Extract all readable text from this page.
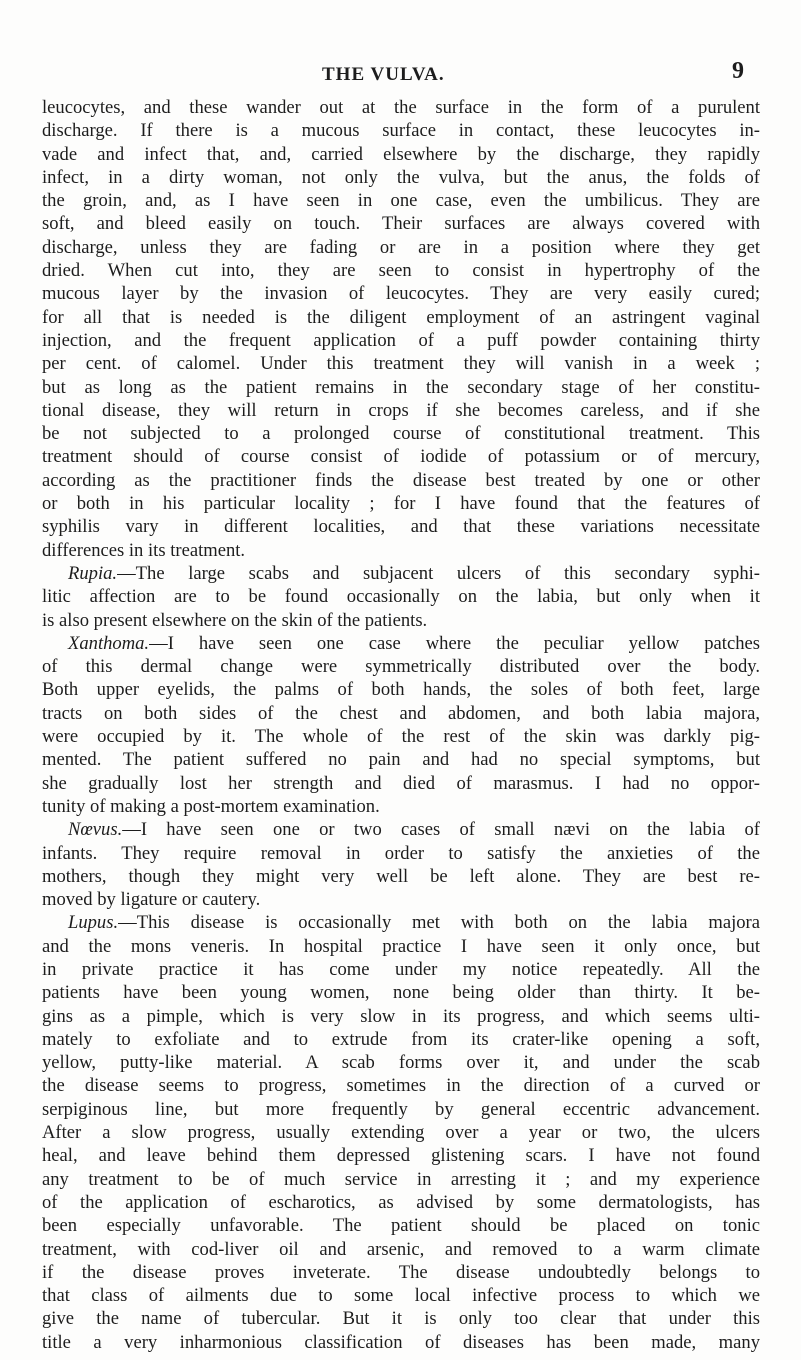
THE VULVA.	9

leucocytes, and these wander out at the surface in the form of a purulent
discharge. If there is a mucous surface in contact, these leucocytes in-
vade and infect that, and, carried elsewhere by the discharge, they rapidly
infect, in a dirty woman, not only the vulva, but the anus, the folds of
the groin, and, as I have seen in one case, even the umbilicus. They are
soft, and bleed easily on touch. Their surfaces are always covered with
discharge, unless they are fading or are in a position where they get
dried. When cut into, they are seen to consist in hypertrophy of the
mucous layer by the invasion of leucocytes. They are very easily cured;
for all that is needed is the diligent employment of an astringent vaginal
injection, and the frequent application of a puff powder containing thirty
per cent. of calomel. Under this treatment they will vanish in a week ;
but as long as the patient remains in the secondary stage of her constitu-
tional disease, they will return in crops if she becomes careless, and if she
be not subjected to a prolonged course of constitutional treatment. This
treatment should of course consist of iodide of potassium or of mercury,
according as the practitioner finds the disease best treated by one or other
or both in his particular locality ; for I have found that the features of
syphilis vary in different localities, and that these variations necessitate
differences in its treatment.

Rupia.—The large scabs and subjacent ulcers of this secondary syphi-
litic affection are to be found occasionally on the labia, but only when it
is also present elsewhere on the skin of the patients.

Xanthoma.—I have seen one case where the peculiar yellow patches
of this dermal change were symmetrically distributed over the body.
Both upper eyelids, the palms of both hands, the soles of both feet, large
tracts on both sides of the chest and abdomen, and both labia majora,
were occupied by it. The whole of the rest of the skin was darkly pig-
mented. The patient suffered no pain and had no special symptoms, but
she gradually lost her strength and died of marasmus. I had no oppor-
tunity of making a post-mortem examination.

Nœvus.—I have seen one or two cases of small nævi on the labia of
infants. They require removal in order to satisfy the anxieties of the
mothers, though they might very well be left alone. They are best re-
moved by ligature or cautery.

Lupus.—This disease is occasionally met with both on the labia majora
and the mons veneris. In hospital practice I have seen it only once, but
in private practice it has come under my notice repeatedly. All the
patients have been young women, none being older than thirty. It be-
gins as a pimple, which is very slow in its progress, and which seems ulti-
mately to exfoliate and to extrude from its crater-like opening a soft,
yellow, putty-like material. A scab forms over it, and under the scab
the disease seems to progress, sometimes in the direction of a curved or
serpiginous line, but more frequently by general eccentric advancement.
After a slow progress, usually extending over a year or two, the ulcers
heal, and leave behind them depressed glistening scars. I have not found
any treatment to be of much service in arresting it ; and my experience
of the application of escharotics, as advised by some dermatologists, has
been especially unfavorable. The patient should be placed on tonic
treatment, with cod-liver oil and arsenic, and removed to a warm climate
if the disease proves inveterate. The disease undoubtedly belongs to
that class of ailments due to some local infective process to which we
give the name of tubercular. But it is only too clear that under this
title a very inharmonious classification of diseases has been made, many
